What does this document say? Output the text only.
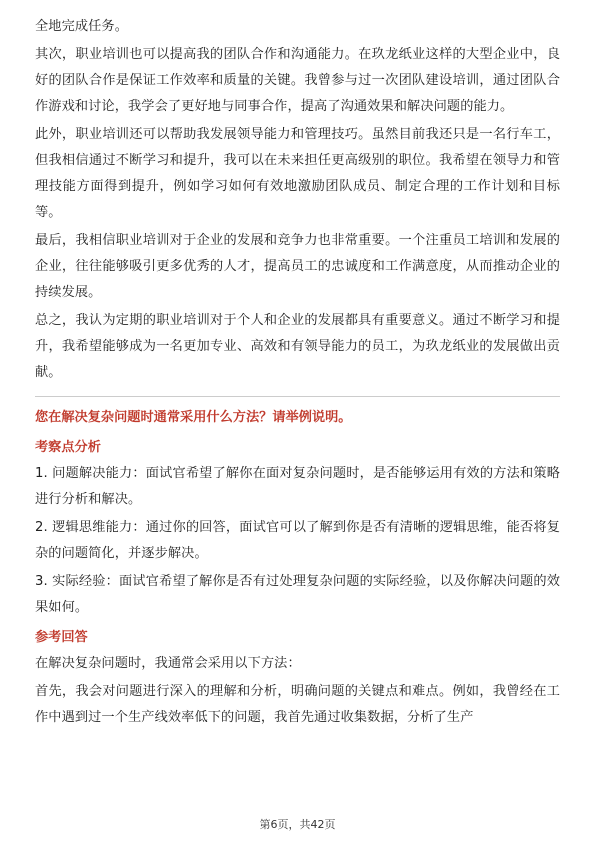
全地完成任务。

其次，职业培训也可以提高我的团队合作和沟通能力。在玖龙纸业这样的大型企业中，良好的团队合作是保证工作效率和质量的关键。我曾参与过一次团队建设培训，通过团队合作游戏和讨论，我学会了更好地与同事合作，提高了沟通效果和解决问题的能力。

此外，职业培训还可以帮助我发展领导能力和管理技巧。虽然目前我还只是一名行车工，但我相信通过不断学习和提升，我可以在未来担任更高级别的职位。我希望在领导力和管理技能方面得到提升，例如学习如何有效地激励团队成员、制定合理的工作计划和目标等。

最后，我相信职业培训对于企业的发展和竞争力也非常重要。一个注重员工培训和发展的企业，往往能够吸引更多优秀的人才，提高员工的忠诚度和工作满意度，从而推动企业的持续发展。

总之，我认为定期的职业培训对于个人和企业的发展都具有重要意义。通过不断学习和提升，我希望能够成为一名更加专业、高效和有领导能力的员工，为玖龙纸业的发展做出贡献。

您在解决复杂问题时通常采用什么方法？请举例说明。

考察点分析

1. 问题解决能力：面试官希望了解你在面对复杂问题时，是否能够运用有效的方法和策略进行分析和解决。

2. 逻辑思维能力：通过你的回答，面试官可以了解到你是否有清晰的逻辑思维，能否将复杂的问题简化，并逐步解决。

3. 实际经验：面试官希望了解你是否有过处理复杂问题的实际经验，以及你解决问题的效果如何。

参考回答

在解决复杂问题时，我通常会采用以下方法：

首先，我会对问题进行深入的理解和分析，明确问题的关键点和难点。例如，我曾经在工作中遇到过一个生产线效率低下的问题，我首先通过收集数据，分析了生产

第6页，共42页
